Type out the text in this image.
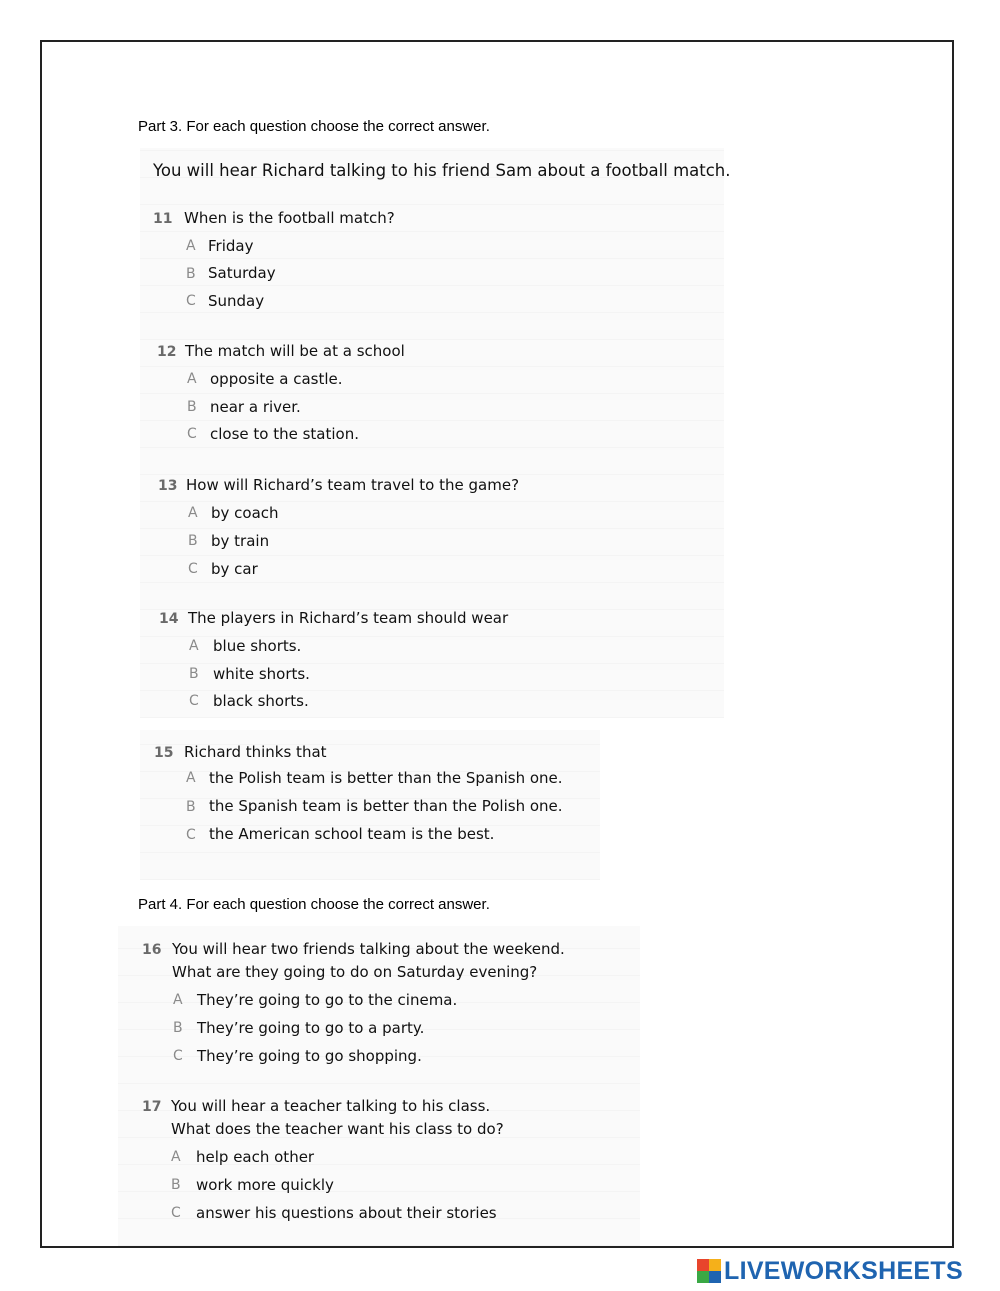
Part 3. For each question choose the correct answer.
You will hear Richard talking to his friend Sam about a football match.
11 When is the football match?
A Friday
B Saturday
C Sunday
12 The match will be at a school
A opposite a castle.
B near a river.
C close to the station.
13 How will Richard’s team travel to the game?
A by coach
B by train
C by car
14 The players in Richard’s team should wear
A blue shorts.
B white shorts.
C black shorts.
15 Richard thinks that
A the Polish team is better than the Spanish one.
B the Spanish team is better than the Polish one.
C the American school team is the best.
Part 4. For each question choose the correct answer.
16 You will hear two friends talking about the weekend.
What are they going to do on Saturday evening?
A They’re going to go to the cinema.
B They’re going to go to a party.
C They’re going to go shopping.
17 You will hear a teacher talking to his class.
What does the teacher want his class to do?
A help each other
B work more quickly
C answer his questions about their stories
LIVEWORKSHEETS
